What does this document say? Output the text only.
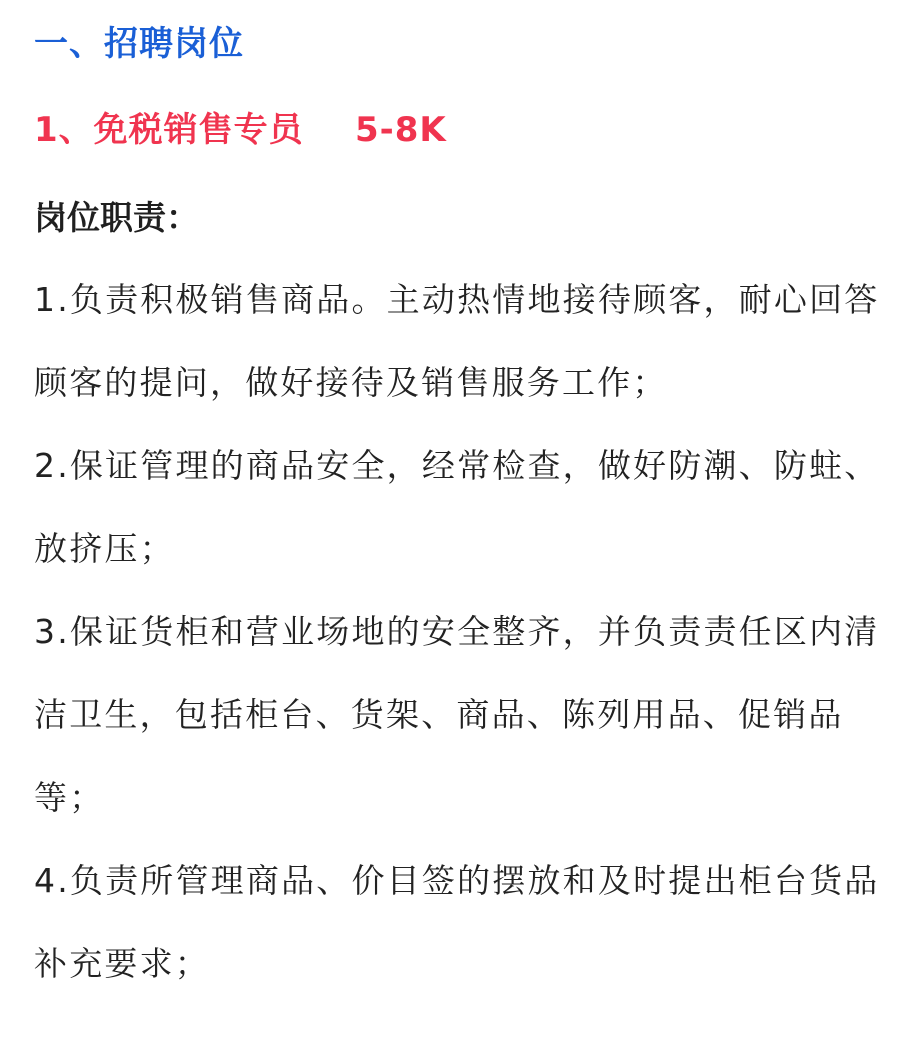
一、招聘岗位
1、免税销售专员    5-8K
岗位职责：

1.负责积极销售商品。主动热情地接待顾客，耐心回答顾客的提问，做好接待及销售服务工作；

2.保证管理的商品安全，经常检查，做好防潮、防蛀、放挤压；

3.保证货柜和营业场地的安全整齐，并负责责任区内清洁卫生，包括柜台、货架、商品、陈列用品、促销品等；

4.负责所管理商品、价目签的摆放和及时提出柜台货品补充要求；
